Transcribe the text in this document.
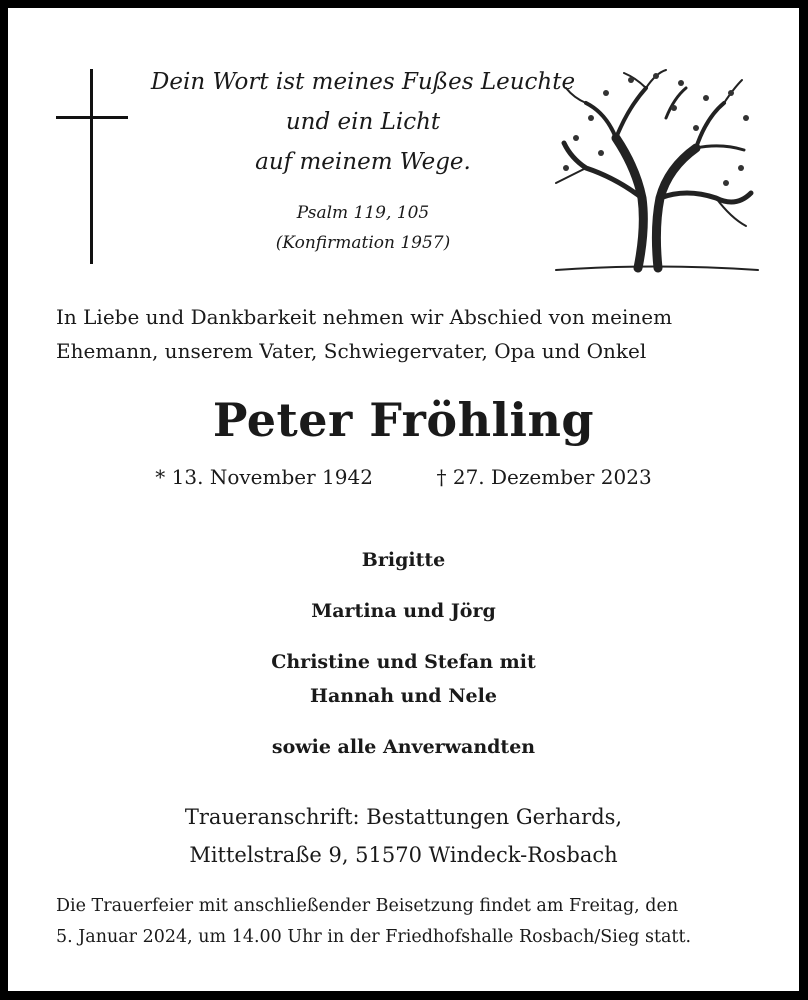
Dein Wort ist meines Fußes Leuchte
und ein Licht
auf meinem Wege.
Psalm 119, 105
(Konfirmation 1957)
In Liebe und Dankbarkeit nehmen wir Abschied von meinem
Ehemann, unserem Vater, Schwiegervater, Opa und Onkel
Peter Fröhling
* 13. November 1942	† 27. Dezember 2023
Brigitte
Martina und Jörg
Christine und Stefan mit
Hannah und Nele
sowie alle Anverwandten
Traueranschrift: Bestattungen Gerhards,
Mittelstraße 9, 51570 Windeck-Rosbach
Die Trauerfeier mit anschließender Beisetzung findet am Freitag, den
5. Januar 2024, um 14.00 Uhr in der Friedhofshalle Rosbach/Sieg statt.
